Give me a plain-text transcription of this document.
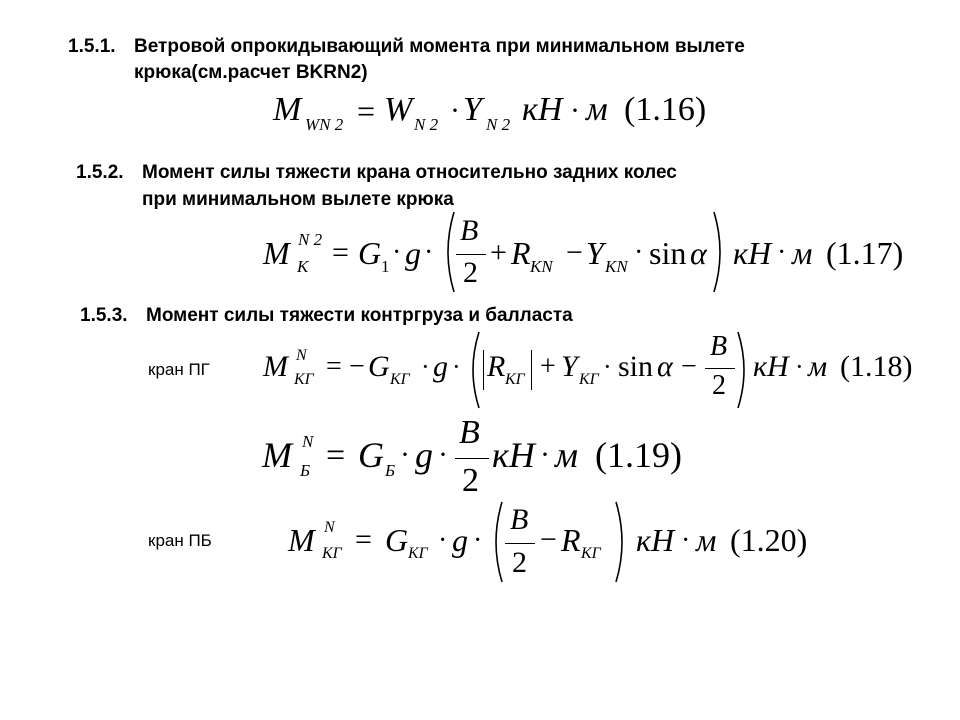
1.5.1. Ветровой опрокидывающий момента при минимальном вылете
крюка(см.расчет BKRN2)
M WN 2 = W N 2 · Y N 2 кН · м (1.16)
1.5.2. Момент силы тяжести крана относительно задних колес
при минимальном вылете крюка
M N 2
К = G 1 · g ·
B
2
+ R KN − Y KN · sin α кН · м (1.17)
1.5.3. Момент силы тяжести контргруза и балласта
кран ПГ M N
КГ = − G КГ · g · R КГ + Y КГ · sin α −
B
2
кН · м (1.18)
M N
Б = G Б · g ·
B
2
кН · м (1.19)
кран ПБ M N
КГ = G КГ · g ·
B
2
− R КГ кН · м (1.20)
